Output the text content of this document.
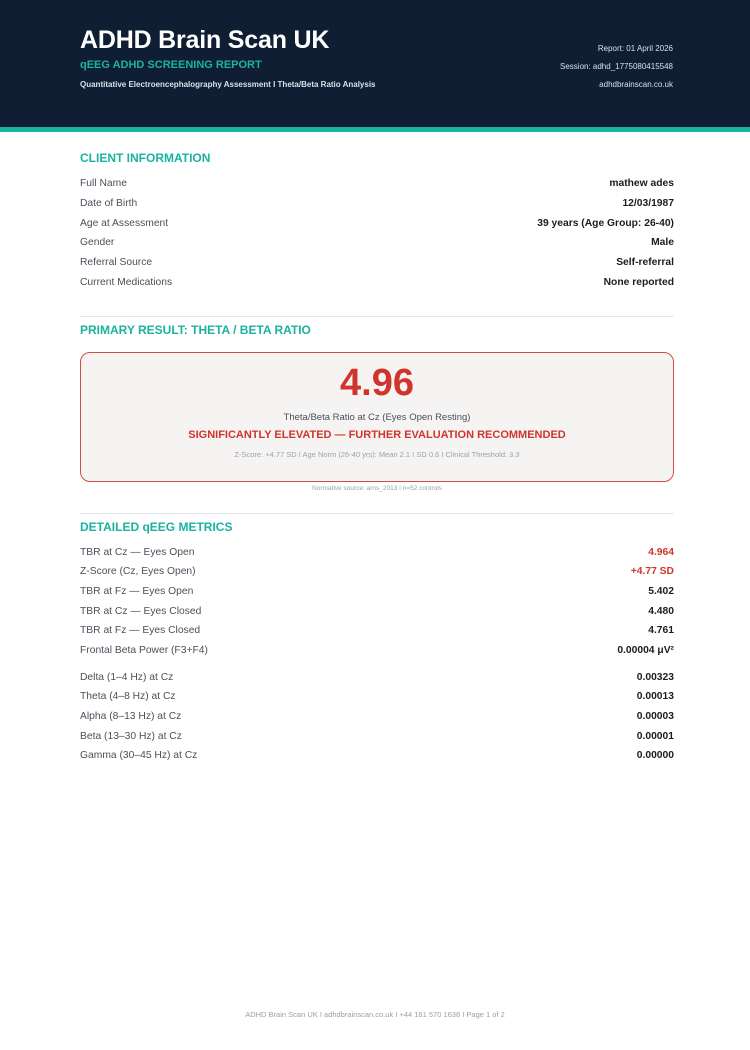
ADHD Brain Scan UK
qEEG ADHD SCREENING REPORT
Quantitative Electroencephalography Assessment I Theta/Beta Ratio Analysis
Report: 01 April 2026
Session: adhd_1775080415548
adhdbrainscan.co.uk
CLIENT INFORMATION
Full Name	mathew ades
Date of Birth	12/03/1987
Age at Assessment	39 years (Age Group: 26-40)
Gender	Male
Referral Source	Self-referral
Current Medications	None reported
PRIMARY RESULT: THETA / BETA RATIO
4.96
Theta/Beta Ratio at Cz (Eyes Open Resting)
SIGNIFICANTLY ELEVATED — FURTHER EVALUATION RECOMMENDED
Z-Score: +4.77 SD I Age Norm (26-40 yrs): Mean 2.1 I SD 0.6 I Clinical Threshold: 3.3
Normative source: arns_2013 I n=52 controls
DETAILED qEEG METRICS
TBR at Cz — Eyes Open	4.964
Z-Score (Cz, Eyes Open)	+4.77 SD
TBR at Fz — Eyes Open	5.402
TBR at Cz — Eyes Closed	4.480
TBR at Fz — Eyes Closed	4.761
Frontal Beta Power (F3+F4)	0.00004 μV²
Delta (1–4 Hz) at Cz	0.00323
Theta (4–8 Hz) at Cz	0.00013
Alpha (8–13 Hz) at Cz	0.00003
Beta (13–30 Hz) at Cz	0.00001
Gamma (30–45 Hz) at Cz	0.00000
ADHD Brain Scan UK I adhdbrainscan.co.uk I +44 161 570 1638 I Page 1 of 2
